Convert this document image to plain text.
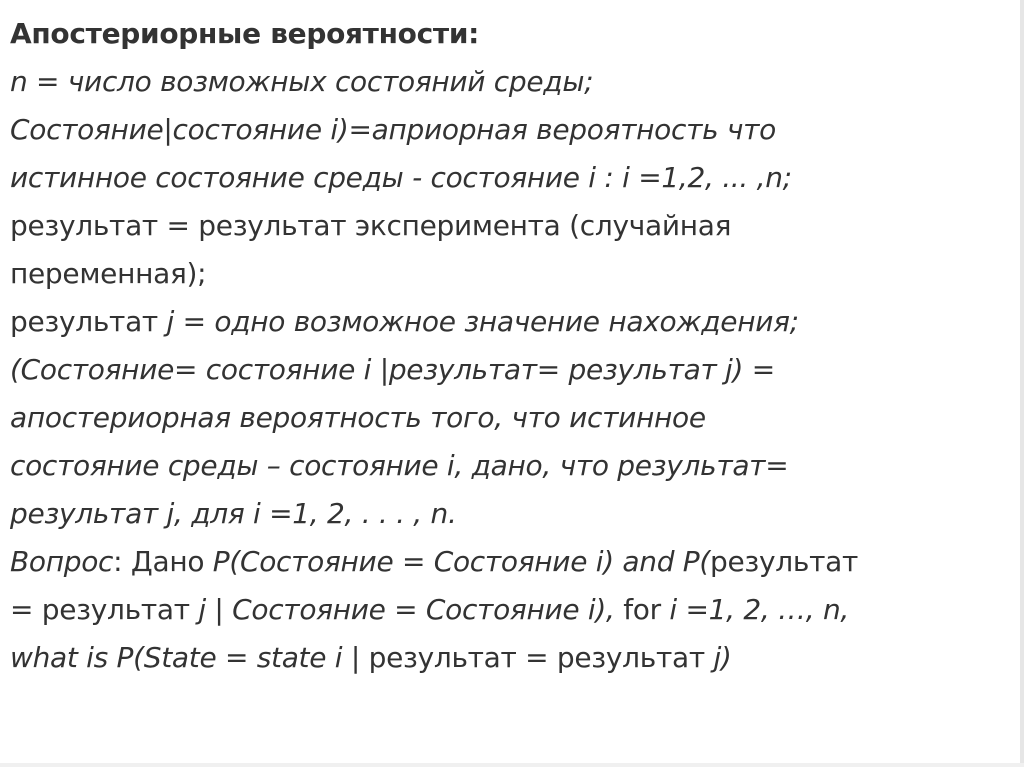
Апостериорные вероятности:

n = число возможных состояний среды;

Состояние|состояние i)=априорная вероятность что

истинное состояние среды - состояние i : i =1,2, ... ,n;

результат = результат эксперимента (случайная

переменная);

результат j = одно возможное значение нахождения;

(Состояние= состояние i |результат= результат j) =

апостериорная вероятность того, что истинное

состояние среды – состояние i, дано, что результат=

результат j, для i =1, 2, . . . , n.

Вопрос: Дано P(Состояние = Состояние i) and P(результат

= результат j | Состояние = Состояние i), for i =1, 2, …, n,

what is P(State = state i | результат = результат j)
